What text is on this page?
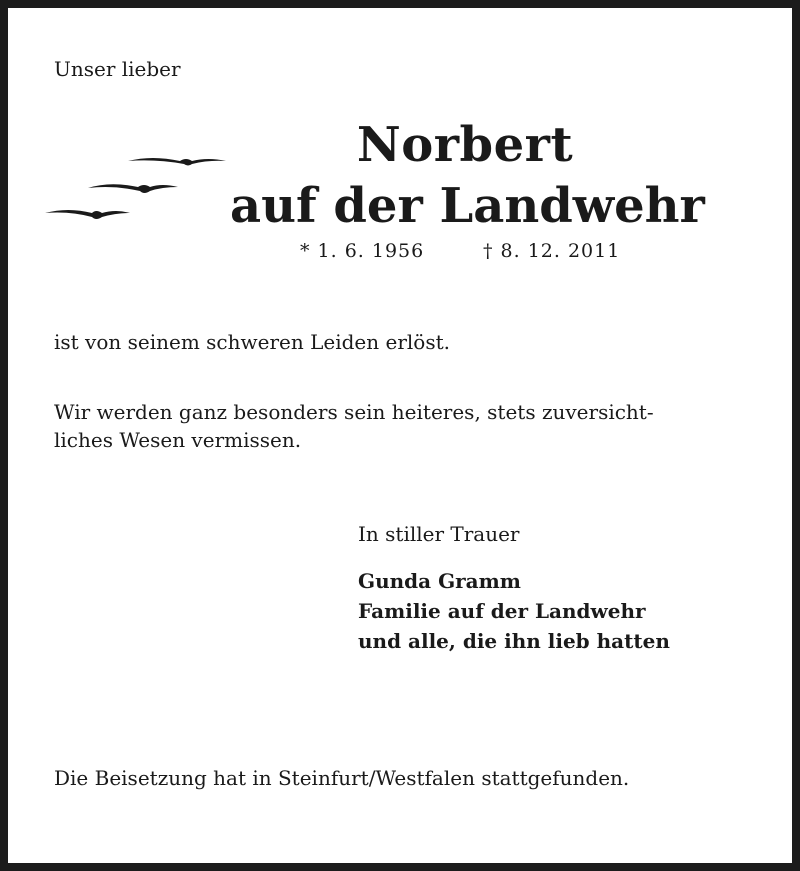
Unser lieber
Norbert
auf der Landwehr
* 1. 6. 1956	† 8. 12. 2011
ist von seinem schweren Leiden erlöst.
Wir werden ganz besonders sein heiteres, stets zuversicht-
liches Wesen vermissen.
In stiller Trauer
Gunda Gramm
Familie auf der Landwehr
und alle, die ihn lieb hatten
Die Beisetzung hat in Steinfurt/Westfalen stattgefunden.
